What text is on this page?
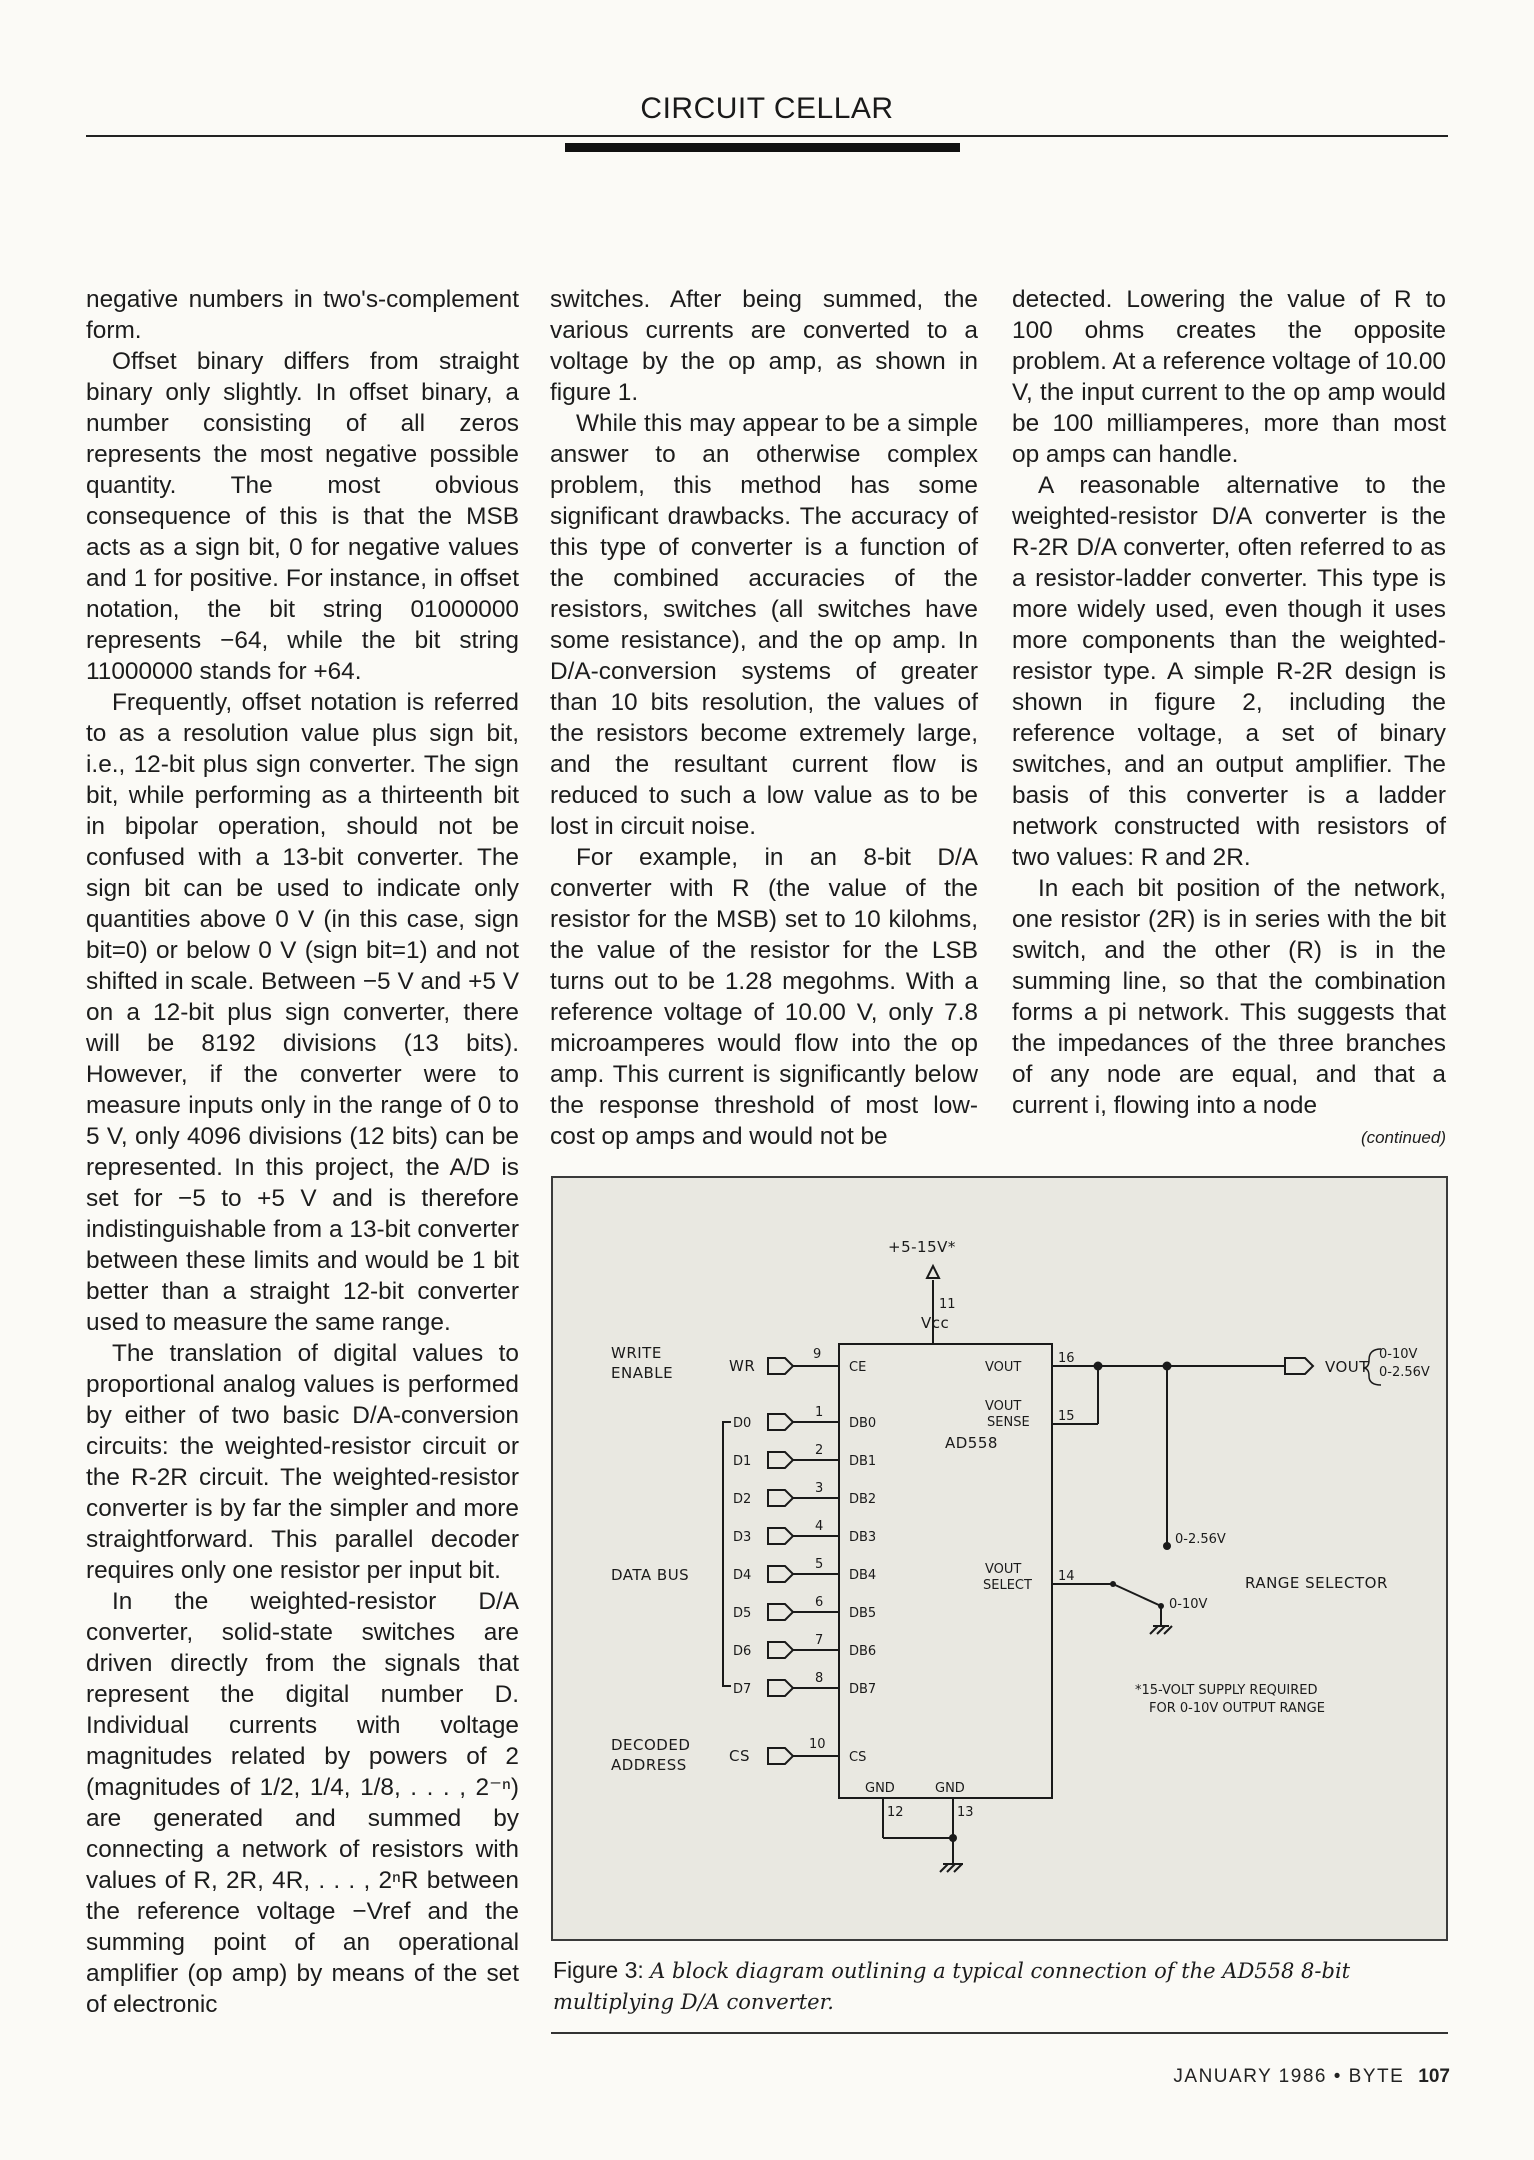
CIRCUIT CELLAR

negative numbers in two's-complement form.

Offset binary differs from straight binary only slightly. In offset binary, a number consisting of all zeros represents the most negative possible quantity. The most obvious consequence of this is that the MSB acts as a sign bit, 0 for negative values and 1 for positive. For instance, in offset notation, the bit string 01000000 represents −64, while the bit string 11000000 stands for +64.

Frequently, offset notation is referred to as a resolution value plus sign bit, i.e., 12-bit plus sign converter. The sign bit, while performing as a thirteenth bit in bipolar operation, should not be confused with a 13-bit converter. The sign bit can be used to indicate only quantities above 0 V (in this case, sign bit=0) or below 0 V (sign bit=1) and not shifted in scale. Between −5 V and +5 V on a 12-bit plus sign converter, there will be 8192 divisions (13 bits). However, if the converter were to measure inputs only in the range of 0 to 5 V, only 4096 divisions (12 bits) can be represented. In this project, the A/D is set for −5 to +5 V and is therefore indistinguishable from a 13-bit converter between these limits and would be 1 bit better than a straight 12-bit converter used to measure the same range.

The translation of digital values to proportional analog values is performed by either of two basic D/A-conversion circuits: the weighted-resistor circuit or the R-2R circuit. The weighted-resistor converter is by far the simpler and more straightforward. This parallel decoder requires only one resistor per input bit.

In the weighted-resistor D/A converter, solid-state switches are driven directly from the signals that represent the digital number D. Individual currents with voltage magnitudes related by powers of 2 (magnitudes of 1/2, 1/4, 1/8, . . . , 2⁻ⁿ) are generated and summed by connecting a network of resistors with values of R, 2R, 4R, . . . , 2ⁿR between the reference voltage −Vref and the summing point of an operational amplifier (op amp) by means of the set of electronic

switches. After being summed, the various currents are converted to a voltage by the op amp, as shown in figure 1.

While this may appear to be a simple answer to an otherwise complex problem, this method has some significant drawbacks. The accuracy of this type of converter is a function of the combined accuracies of the resistors, switches (all switches have some resistance), and the op amp. In D/A-conversion systems of greater than 10 bits resolution, the values of the resistors become extremely large, and the resultant current flow is reduced to such a low value as to be lost in circuit noise.

For example, in an 8-bit D/A converter with R (the value of the resistor for the MSB) set to 10 kilohms, the value of the resistor for the LSB turns out to be 1.28 megohms. With a reference voltage of 10.00 V, only 7.8 microamperes would flow into the op amp. This current is significantly below the response threshold of most low-cost op amps and would not be

detected. Lowering the value of R to 100 ohms creates the opposite problem. At a reference voltage of 10.00 V, the input current to the op amp would be 100 milliamperes, more than most op amps can handle.

A reasonable alternative to the weighted-resistor D/A converter is the R-2R D/A converter, often referred to as a resistor-ladder converter. This type is more widely used, even though it uses more components than the weighted-resistor type. A simple R-2R design is shown in figure 2, including the reference voltage, a set of binary switches, and an output amplifier. The basis of this converter is a ladder network constructed with resistors of two values: R and 2R.

In each bit position of the network, one resistor (2R) is in series with the bit switch, and the other (R) is in the summing line, so that the combination forms a pi network. This suggests that the impedances of the three branches of any node are equal, and that a current i, flowing into a node

(continued)
D0	DB0
1
D1	DB1
2
D2	DB2
3
D3	DB3
4
D4	DB4
5
D5	DB5
6
D6	DB6
7
D7	DB7
8
+5-15V*
Vcc
AD558
WRITE
ENABLE	WR	CE
9
DATA BUS
DECODED
ADDRESS	CS	CS
10
11
VOUT
VOUT
SENSE
VOUT
SELECT
16
15
14
GND	GND
12	13
VOUT
0-10V
0-2.56V
0-2.56V
RANGE SELECTOR
0-10V
*15-VOLT SUPPLY REQUIRED
FOR 0-10V OUTPUT RANGE
Figure 3: A block diagram outlining a typical connection of the AD558 8-bit multiplying D/A converter.
JANUARY 1986 • BYTE 107
